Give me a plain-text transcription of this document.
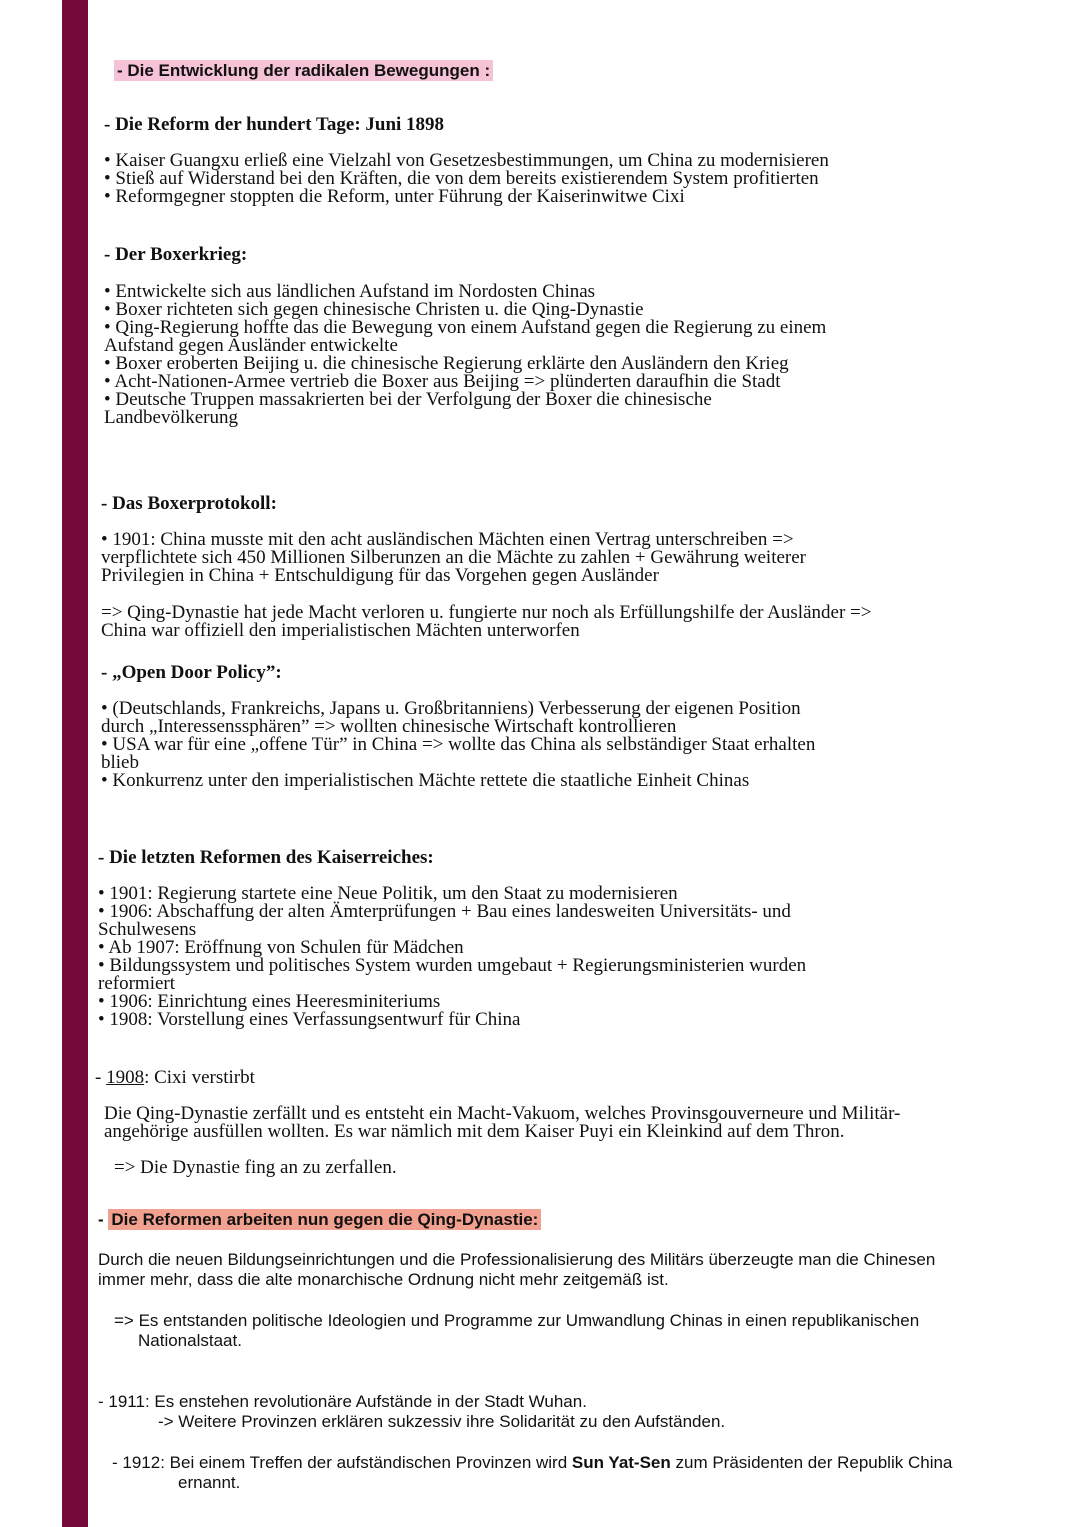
- Die Entwicklung der radikalen Bewegungen :
- Die Reform der hundert Tage: Juni 1898

• Kaiser Guangxu erließ eine Vielzahl von Gesetzesbestimmungen, um China zu modernisieren

• Stieß auf Widerstand bei den Kräften, die von dem bereits existierendem System profitierten

• Reformgegner stoppten die Reform, unter Führung der Kaiserinwitwe Cixi

- Der Boxerkrieg:

• Entwickelte sich aus ländlichen Aufstand im Nordosten Chinas

• Boxer richteten sich gegen chinesische Christen u. die Qing-Dynastie

• Qing-Regierung hoffte das die Bewegung von einem Aufstand gegen die Regierung zu einem

Aufstand gegen Ausländer entwickelte

• Boxer eroberten Beijing u. die chinesische Regierung erklärte den Ausländern den Krieg

• Acht-Nationen-Armee vertrieb die Boxer aus Beijing => plünderten daraufhin die Stadt

• Deutsche Truppen massakrierten bei der Verfolgung der Boxer die chinesische

Landbevölkerung

- Das Boxerprotokoll:

• 1901: China musste mit den acht ausländischen Mächten einen Vertrag unterschreiben =>

verpflichtete sich 450 Millionen Silberunzen an die Mächte zu zahlen + Gewährung weiterer

Privilegien in China + Entschuldigung für das Vorgehen gegen Ausländer

=> Qing-Dynastie hat jede Macht verloren u. fungierte nur noch als Erfüllungshilfe der Ausländer =>

China war offiziell den imperialistischen Mächten unterworfen

- „Open Door Policy”:

• (Deutschlands, Frankreichs, Japans u. Großbritanniens) Verbesserung der eigenen Position

durch „Interessenssphären” => wollten chinesische Wirtschaft kontrollieren

• USA war für eine „offene Tür” in China => wollte das China als selbständiger Staat erhalten

blieb

• Konkurrenz unter den imperialistischen Mächte rettete die staatliche Einheit Chinas

- Die letzten Reformen des Kaiserreiches:

• 1901: Regierung startete eine Neue Politik, um den Staat zu modernisieren

• 1906: Abschaffung der alten Ämterprüfungen + Bau eines landesweiten Universitäts- und

Schulwesens

• Ab 1907: Eröffnung von Schulen für Mädchen

• Bildungssystem und politisches System wurden umgebaut + Regierungsministerien wurden

reformiert

• 1906: Einrichtung eines Heeresminiteriums

• 1908: Vorstellung eines Verfassungsentwurf für China

- 1908: Cixi verstirbt

Die Qing-Dynastie zerfällt und es entsteht ein Macht-Vakuom, welches Provinsgouverneure und Militär-

angehörige ausfüllen wollten. Es war nämlich mit dem Kaiser Puyi ein Kleinkind auf dem Thron.

=> Die Dynastie fing an zu zerfallen.
- Die Reformen arbeiten nun gegen die Qing-Dynastie:

Durch die neuen Bildungseinrichtungen und die Professionalisierung des Militärs überzeugte man die Chinesen

immer mehr, dass die alte monarchische Ordnung nicht mehr zeitgemäß ist.

=> Es entstanden politische Ideologien und Programme zur Umwandlung Chinas in einen republikanischen

Nationalstaat.

- 1911: Es enstehen revolutionäre Aufstände in der Stadt Wuhan.

-> Weitere Provinzen erklären sukzessiv ihre Solidarität zu den Aufständen.

- 1912: Bei einem Treffen der aufständischen Provinzen wird Sun Yat-Sen zum Präsidenten der Republik China

ernannt.
